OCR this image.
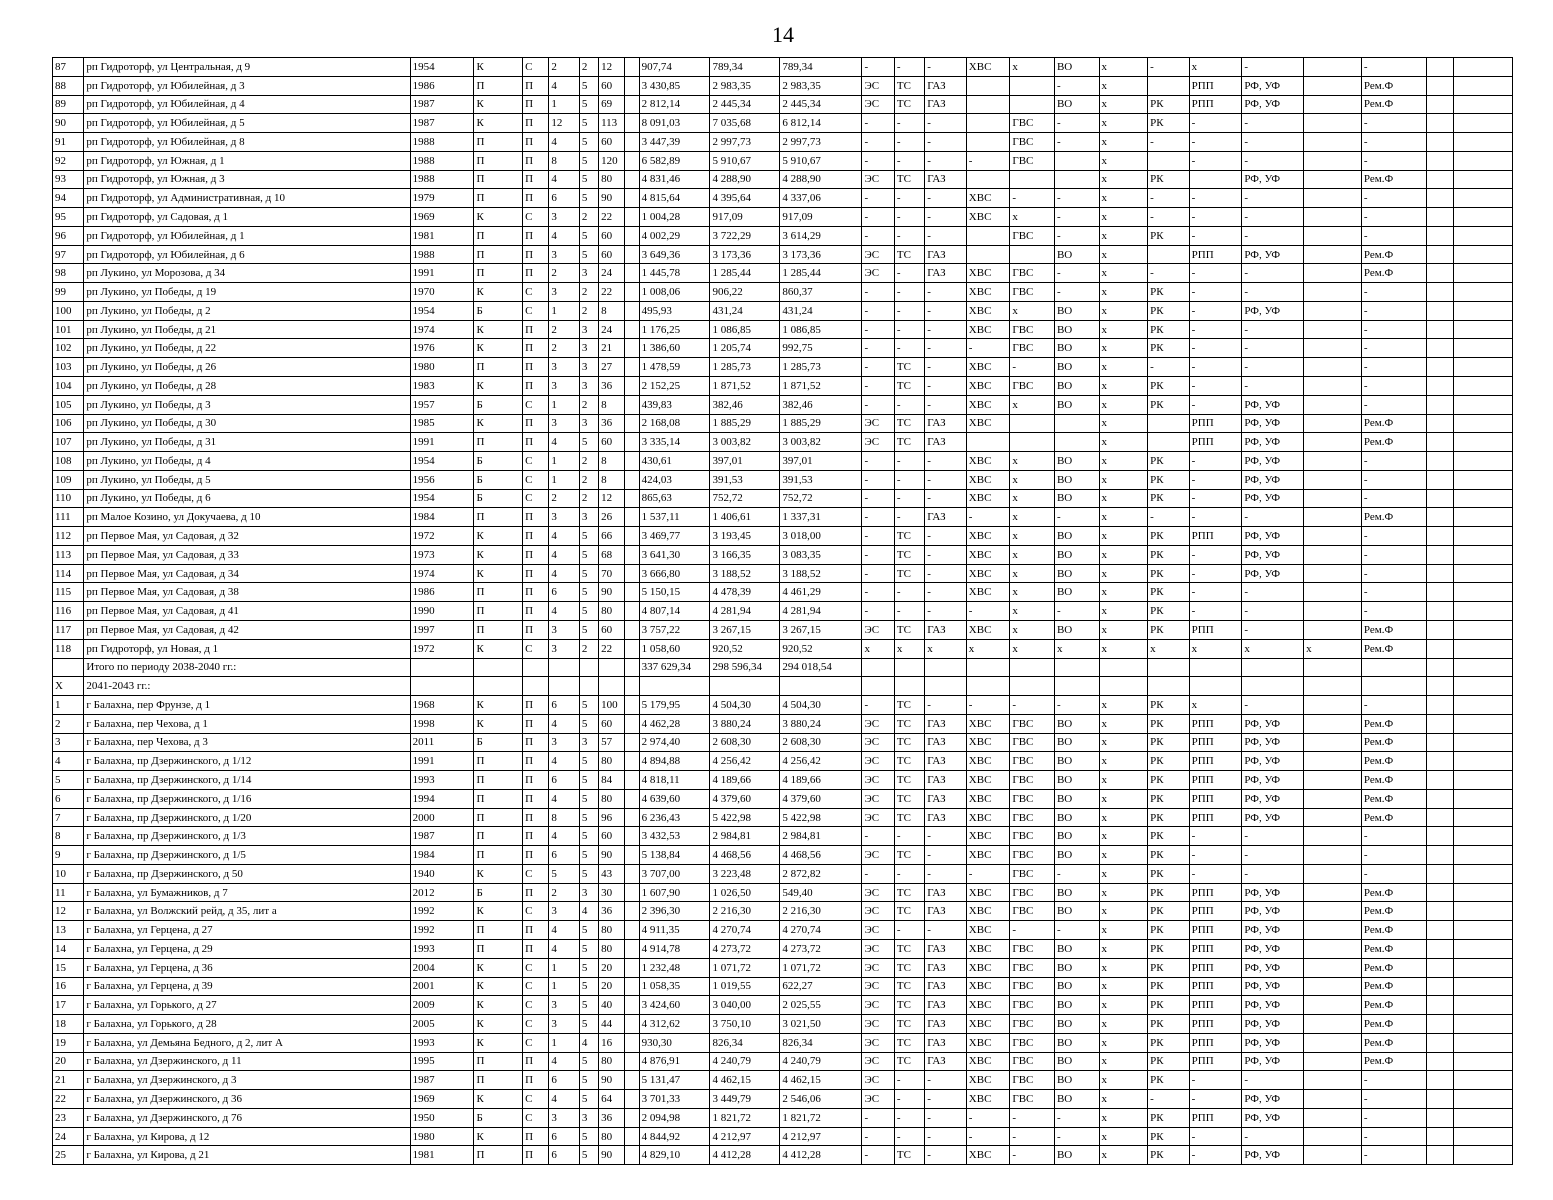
14
87	рп Гидроторф, ул Центральная, д 9	1954	К	С	2	2	12		907,74	789,34	789,34	-	-	-	ХВС	x	ВО	x	-	x	-		-		
88	рп Гидроторф, ул Юбилейная, д 3	1986	П	П	4	5	60		3 430,85	2 983,35	2 983,35	ЭС	ТС	ГАЗ			-	x		РПП	РФ, УФ		Рем.Ф		
89	рп Гидроторф, ул Юбилейная, д 4	1987	К	П	1	5	69		2 812,14	2 445,34	2 445,34	ЭС	ТС	ГАЗ			ВО	x	РК	РПП	РФ, УФ		Рем.Ф		
90	рп Гидроторф, ул Юбилейная, д 5	1987	К	П	12	5	113		8 091,03	7 035,68	6 812,14	-	-	-		ГВС	-	x	РК	-	-		-		
91	рп Гидроторф, ул Юбилейная, д 8	1988	П	П	4	5	60		3 447,39	2 997,73	2 997,73	-	-	-		ГВС	-	x	-	-	-		-		
92	рп Гидроторф, ул Южная, д 1	1988	П	П	8	5	120		6 582,89	5 910,67	5 910,67	-	-	-	-	ГВС		x		-	-		-		
93	рп Гидроторф, ул Южная, д 3	1988	П	П	4	5	80		4 831,46	4 288,90	4 288,90	ЭС	ТС	ГАЗ				x	РК		РФ, УФ		Рем.Ф		
94	рп Гидроторф, ул Административная, д 10	1979	П	П	6	5	90		4 815,64	4 395,64	4 337,06	-	-	-	ХВС	-	-	x	-	-	-		-		
95	рп Гидроторф, ул Садовая, д 1	1969	К	С	3	2	22		1 004,28	917,09	917,09	-	-	-	ХВС	x	-	x	-	-	-		-		
96	рп Гидроторф, ул Юбилейная, д 1	1981	П	П	4	5	60		4 002,29	3 722,29	3 614,29	-	-	-		ГВС	-	x	РК	-	-		-		
97	рп Гидроторф, ул Юбилейная, д 6	1988	П	П	3	5	60		3 649,36	3 173,36	3 173,36	ЭС	ТС	ГАЗ			ВО	x		РПП	РФ, УФ		Рем.Ф		
98	рп Лукино, ул Морозова, д 34	1991	П	П	2	3	24		1 445,78	1 285,44	1 285,44	ЭС	-	ГАЗ	ХВС	ГВС	-	x	-	-	-		Рем.Ф		
99	рп Лукино, ул Победы, д 19	1970	К	С	3	2	22		1 008,06	906,22	860,37	-	-	-	ХВС	ГВС	-	x	РК	-	-		-		
100	рп Лукино, ул Победы, д 2	1954	Б	С	1	2	8		495,93	431,24	431,24	-	-	-	ХВС	x	ВО	x	РК	-	РФ, УФ		-		
101	рп Лукино, ул Победы, д 21	1974	К	П	2	3	24		1 176,25	1 086,85	1 086,85	-	-	-	ХВС	ГВС	ВО	x	РК	-	-		-		
102	рп Лукино, ул Победы, д 22	1976	К	П	2	3	21		1 386,60	1 205,74	992,75	-	-	-	-	ГВС	ВО	x	РК	-	-		-		
103	рп Лукино, ул Победы, д 26	1980	П	П	3	3	27		1 478,59	1 285,73	1 285,73	-	ТС	-	ХВС	-	ВО	x	-	-	-		-		
104	рп Лукино, ул Победы, д 28	1983	К	П	3	3	36		2 152,25	1 871,52	1 871,52	-	ТС	-	ХВС	ГВС	ВО	x	РК	-	-		-		
105	рп Лукино, ул Победы, д 3	1957	Б	С	1	2	8		439,83	382,46	382,46	-	-	-	ХВС	x	ВО	x	РК	-	РФ, УФ		-		
106	рп Лукино, ул Победы, д 30	1985	К	П	3	3	36		2 168,08	1 885,29	1 885,29	ЭС	ТС	ГАЗ	ХВС			x		РПП	РФ, УФ		Рем.Ф		
107	рп Лукино, ул Победы, д 31	1991	П	П	4	5	60		3 335,14	3 003,82	3 003,82	ЭС	ТС	ГАЗ				x		РПП	РФ, УФ		Рем.Ф		
108	рп Лукино, ул Победы, д 4	1954	Б	С	1	2	8		430,61	397,01	397,01	-	-	-	ХВС	x	ВО	x	РК	-	РФ, УФ		-		
109	рп Лукино, ул Победы, д 5	1956	Б	С	1	2	8		424,03	391,53	391,53	-	-	-	ХВС	x	ВО	x	РК	-	РФ, УФ		-		
110	рп Лукино, ул Победы, д 6	1954	Б	С	2	2	12		865,63	752,72	752,72	-	-	-	ХВС	x	ВО	x	РК	-	РФ, УФ		-		
111	рп Малое Козино, ул Докучаева, д 10	1984	П	П	3	3	26		1 537,11	1 406,61	1 337,31	-	-	ГАЗ	-	x	-	x	-	-	-		Рем.Ф		
112	рп Первое Мая, ул Садовая, д 32	1972	К	П	4	5	66		3 469,77	3 193,45	3 018,00	-	ТС	-	ХВС	x	ВО	x	РК	РПП	РФ, УФ		-		
113	рп Первое Мая, ул Садовая, д 33	1973	К	П	4	5	68		3 641,30	3 166,35	3 083,35	-	ТС	-	ХВС	x	ВО	x	РК	-	РФ, УФ		-		
114	рп Первое Мая, ул Садовая, д 34	1974	К	П	4	5	70		3 666,80	3 188,52	3 188,52	-	ТС	-	ХВС	x	ВО	x	РК	-	РФ, УФ		-		
115	рп Первое Мая, ул Садовая, д 38	1986	П	П	6	5	90		5 150,15	4 478,39	4 461,29	-	-	-	ХВС	x	ВО	x	РК	-	-		-		
116	рп Первое Мая, ул Садовая, д 41	1990	П	П	4	5	80		4 807,14	4 281,94	4 281,94	-	-	-	-	x	-	x	РК	-	-		-		
117	рп Первое Мая, ул Садовая, д 42	1997	П	П	3	5	60		3 757,22	3 267,15	3 267,15	ЭС	ТС	ГАЗ	ХВС	x	ВО	x	РК	РПП	-		Рем.Ф		
118	рп Гидроторф, ул Новая, д 1	1972	К	С	3	2	22		1 058,60	920,52	920,52	x	x	x	x	x	x	x	x	x	x	x	Рем.Ф		
	Итого по периоду 2038-2040 гг.:								337 629,34	298 596,34	294 018,54														
X	2041-2043 гг.:																								
1	г Балахна, пер Фрунзе, д 1	1968	К	П	6	5	100		5 179,95	4 504,30	4 504,30	-	ТС	-	-	-	-	x	РК	x	-		-		
2	г Балахна, пер Чехова, д 1	1998	К	П	4	5	60		4 462,28	3 880,24	3 880,24	ЭС	ТС	ГАЗ	ХВС	ГВС	ВО	x	РК	РПП	РФ, УФ		Рем.Ф		
3	г Балахна, пер Чехова, д 3	2011	Б	П	3	3	57		2 974,40	2 608,30	2 608,30	ЭС	ТС	ГАЗ	ХВС	ГВС	ВО	x	РК	РПП	РФ, УФ		Рем.Ф		
4	г Балахна, пр Дзержинского, д 1/12	1991	П	П	4	5	80		4 894,88	4 256,42	4 256,42	ЭС	ТС	ГАЗ	ХВС	ГВС	ВО	x	РК	РПП	РФ, УФ		Рем.Ф		
5	г Балахна, пр Дзержинского, д 1/14	1993	П	П	6	5	84		4 818,11	4 189,66	4 189,66	ЭС	ТС	ГАЗ	ХВС	ГВС	ВО	x	РК	РПП	РФ, УФ		Рем.Ф		
6	г Балахна, пр Дзержинского, д 1/16	1994	П	П	4	5	80		4 639,60	4 379,60	4 379,60	ЭС	ТС	ГАЗ	ХВС	ГВС	ВО	x	РК	РПП	РФ, УФ		Рем.Ф		
7	г Балахна, пр Дзержинского, д 1/20	2000	П	П	8	5	96		6 236,43	5 422,98	5 422,98	ЭС	ТС	ГАЗ	ХВС	ГВС	ВО	x	РК	РПП	РФ, УФ		Рем.Ф		
8	г Балахна, пр Дзержинского, д 1/3	1987	П	П	4	5	60		3 432,53	2 984,81	2 984,81	-	-	-	ХВС	ГВС	ВО	x	РК	-	-		-		
9	г Балахна, пр Дзержинского, д 1/5	1984	П	П	6	5	90		5 138,84	4 468,56	4 468,56	ЭС	ТС	-	ХВС	ГВС	ВО	x	РК	-	-		-		
10	г Балахна, пр Дзержинского, д 50	1940	К	С	5	5	43		3 707,00	3 223,48	2 872,82	-	-	-	-	ГВС	-	x	РК	-	-		-		
11	г Балахна, ул Бумажников, д 7	2012	Б	П	2	3	30		1 607,90	1 026,50	549,40	ЭС	ТС	ГАЗ	ХВС	ГВС	ВО	x	РК	РПП	РФ, УФ		Рем.Ф		
12	г Балахна, ул Волжский рейд, д 35, лит а	1992	К	С	3	4	36		2 396,30	2 216,30	2 216,30	ЭС	ТС	ГАЗ	ХВС	ГВС	ВО	x	РК	РПП	РФ, УФ		Рем.Ф		
13	г Балахна, ул Герцена, д 27	1992	П	П	4	5	80		4 911,35	4 270,74	4 270,74	ЭС	-	-	ХВС	-	-	x	РК	РПП	РФ, УФ		Рем.Ф		
14	г Балахна, ул Герцена, д 29	1993	П	П	4	5	80		4 914,78	4 273,72	4 273,72	ЭС	ТС	ГАЗ	ХВС	ГВС	ВО	x	РК	РПП	РФ, УФ		Рем.Ф		
15	г Балахна, ул Герцена, д 36	2004	К	С	1	5	20		1 232,48	1 071,72	1 071,72	ЭС	ТС	ГАЗ	ХВС	ГВС	ВО	x	РК	РПП	РФ, УФ		Рем.Ф		
16	г Балахна, ул Герцена, д 39	2001	К	С	1	5	20		1 058,35	1 019,55	622,27	ЭС	ТС	ГАЗ	ХВС	ГВС	ВО	x	РК	РПП	РФ, УФ		Рем.Ф		
17	г Балахна, ул Горького, д 27	2009	К	С	3	5	40		3 424,60	3 040,00	2 025,55	ЭС	ТС	ГАЗ	ХВС	ГВС	ВО	x	РК	РПП	РФ, УФ		Рем.Ф		
18	г Балахна, ул Горького, д 28	2005	К	С	3	5	44		4 312,62	3 750,10	3 021,50	ЭС	ТС	ГАЗ	ХВС	ГВС	ВО	x	РК	РПП	РФ, УФ		Рем.Ф		
19	г Балахна, ул Демьяна Бедного, д 2, лит А	1993	К	С	1	4	16		930,30	826,34	826,34	ЭС	ТС	ГАЗ	ХВС	ГВС	ВО	x	РК	РПП	РФ, УФ		Рем.Ф		
20	г Балахна, ул Дзержинского, д 11	1995	П	П	4	5	80		4 876,91	4 240,79	4 240,79	ЭС	ТС	ГАЗ	ХВС	ГВС	ВО	x	РК	РПП	РФ, УФ		Рем.Ф		
21	г Балахна, ул Дзержинского, д 3	1987	П	П	6	5	90		5 131,47	4 462,15	4 462,15	ЭС	-	-	ХВС	ГВС	ВО	x	РК	-	-		-		
22	г Балахна, ул Дзержинского, д 36	1969	К	С	4	5	64		3 701,33	3 449,79	2 546,06	ЭС	-	-	ХВС	ГВС	ВО	x	-	-	РФ, УФ		-		
23	г Балахна, ул Дзержинского, д 76	1950	Б	С	3	3	36		2 094,98	1 821,72	1 821,72	-	-	-	-	-	-	x	РК	РПП	РФ, УФ		-		
24	г Балахна, ул Кирова, д 12	1980	К	П	6	5	80		4 844,92	4 212,97	4 212,97	-	-	-	-	-	-	x	РК	-	-		-		
25	г Балахна, ул Кирова, д 21	1981	П	П	6	5	90		4 829,10	4 412,28	4 412,28	-	ТС	-	ХВС	-	ВО	x	РК	-	РФ, УФ		-		
